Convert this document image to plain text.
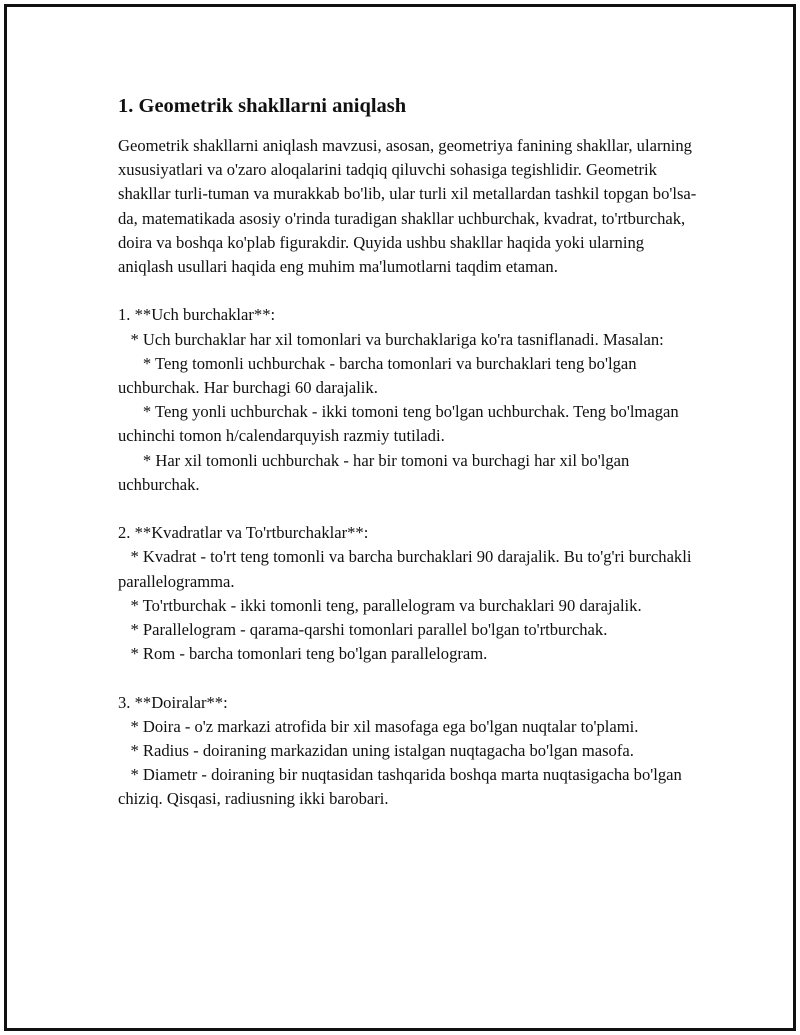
1. Geometrik shakllarni aniqlash

Geometrik shakllarni aniqlash mavzusi, asosan, geometriya fanining shakllar, ularning xususiyatlari va o'zaro aloqalarini tadqiq qiluvchi sohasiga tegishlidir. Geometrik shakllar turli-tuman va murakkab bo'lib, ular turli xil metallardan tashkil topgan bo'lsa-da, matematikada asosiy o'rinda turadigan shakllar uchburchak, kvadrat, to'rtburchak, doira va boshqa ko'plab figurakdir. Quyida ushbu shakllar haqida yoki ularning aniqlash usullari haqida eng muhim ma'lumotlarni taqdim etaman.

1. **Uch burchaklar**:
* Uch burchaklar har xil tomonlari va burchaklariga ko'ra tasniflanadi. Masalan:
* Teng tomonli uchburchak - barcha tomonlari va burchaklari teng bo'lgan uchburchak. Har burchagi 60 darajalik.
* Teng yonli uchburchak - ikki tomoni teng bo'lgan uchburchak. Teng bo'lmagan uchinchi tomon h/calendarquyish razmiy tutiladi.
* Har xil tomonli uchburchak - har bir tomoni va burchagi har xil bo'lgan uchburchak.

2. **Kvadratlar va To'rtburchaklar**:
* Kvadrat - to'rt teng tomonli va barcha burchaklari 90 darajalik. Bu to'g'ri burchakli parallelogramma.
* To'rtburchak - ikki tomonli teng, parallelogram va burchaklari 90 darajalik.
* Parallelogram - qarama-qarshi tomonlari parallel bo'lgan to'rtburchak.
* Rom - barcha tomonlari teng bo'lgan parallelogram.

3. **Doiralar**:
* Doira - o'z markazi atrofida bir xil masofaga ega bo'lgan nuqtalar to'plami.
* Radius - doiraning markazidan uning istalgan nuqtagacha bo'lgan masofa.
* Diametr - doiraning bir nuqtasidan tashqarida boshqa marta nuqtasigacha bo'lgan chiziq. Qisqasi, radiusning ikki barobari.
